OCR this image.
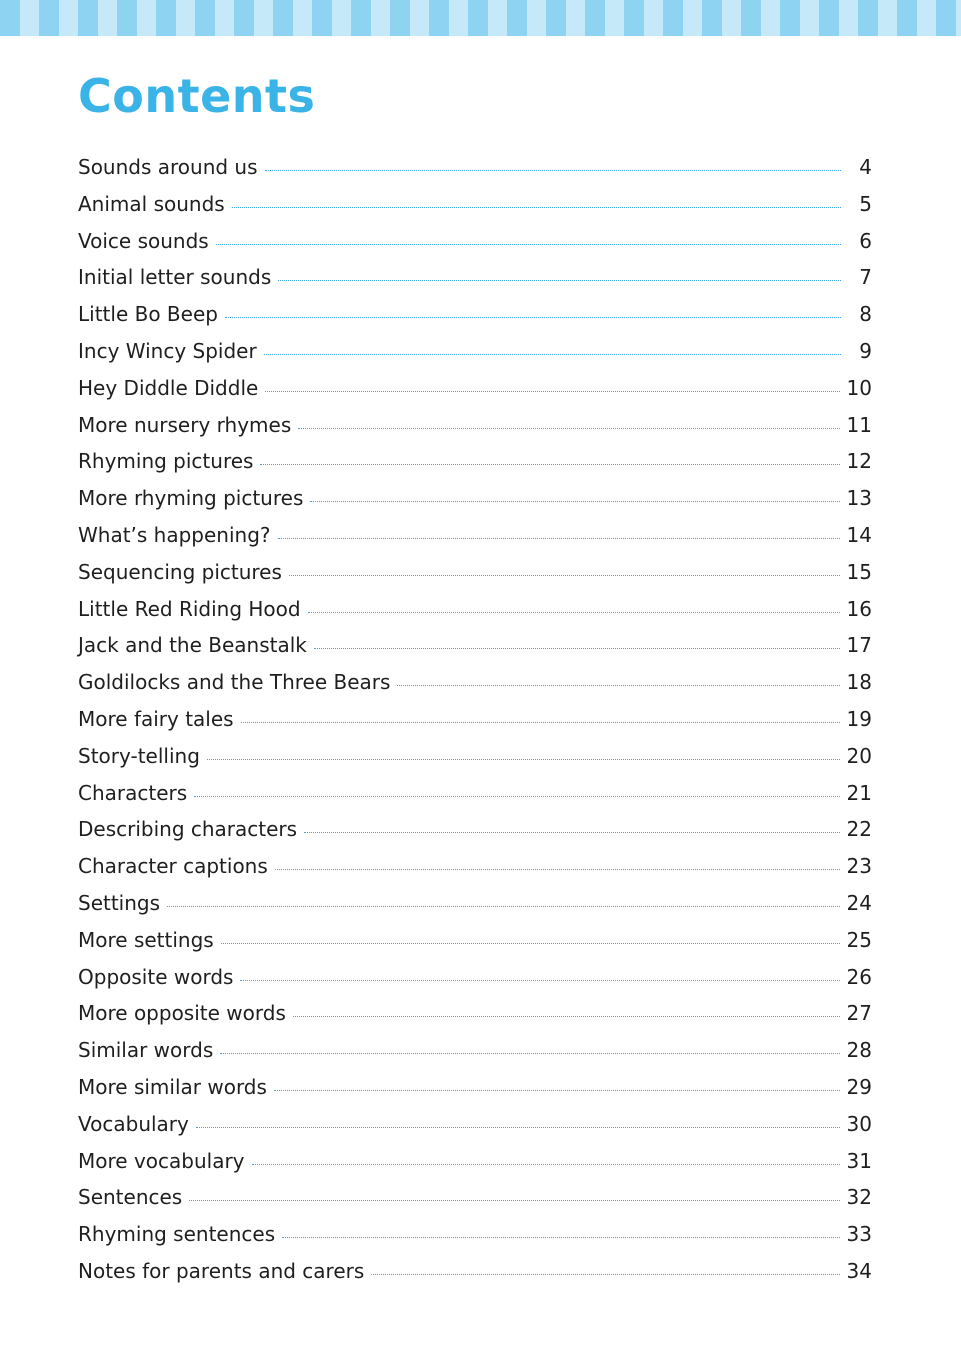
Contents
Sounds around us	4
Animal sounds	5
Voice sounds	6
Initial letter sounds	7
Little Bo Beep	8
Incy Wincy Spider	9
Hey Diddle Diddle	10
More nursery rhymes	11
Rhyming pictures	12
More rhyming pictures	13
What’s happening?	14
Sequencing pictures	15
Little Red Riding Hood	16
Jack and the Beanstalk	17
Goldilocks and the Three Bears	18
More fairy tales	19
Story-telling	20
Characters	21
Describing characters	22
Character captions	23
Settings	24
More settings	25
Opposite words	26
More opposite words	27
Similar words	28
More similar words	29
Vocabulary	30
More vocabulary	31
Sentences	32
Rhyming sentences	33
Notes for parents and carers	34
